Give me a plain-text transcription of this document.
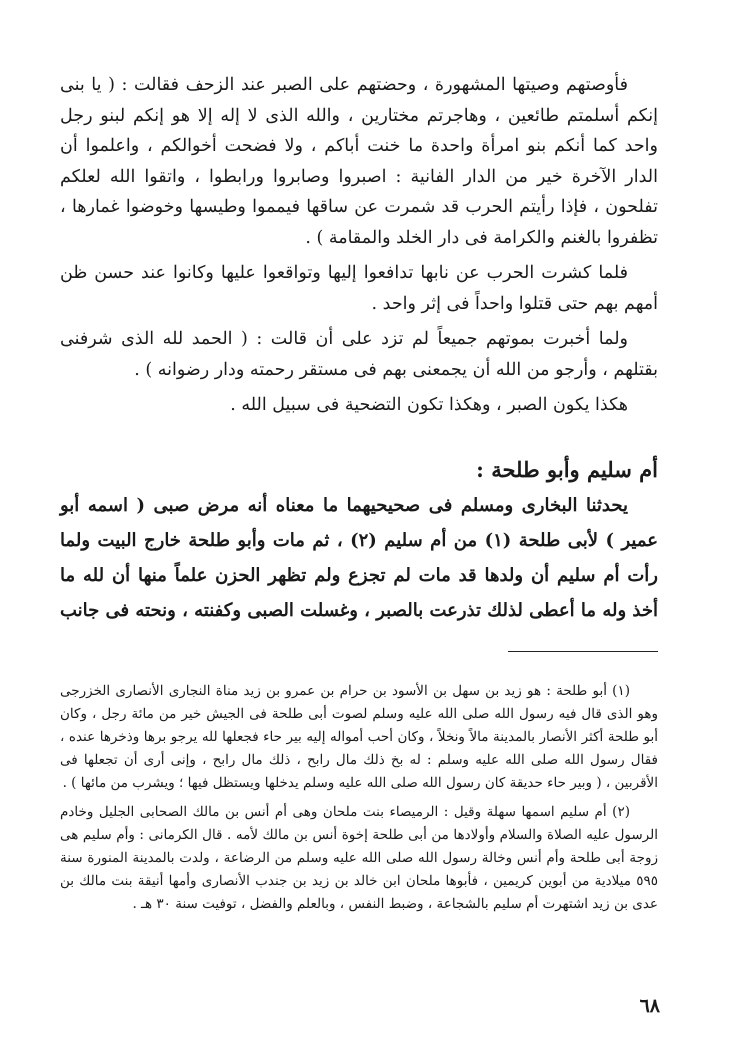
فأوصتهم وصيتها المشهورة ، وحضتهم على الصبر عند الزحف فقالت : ( يا بنى إنكم أسلمتم طائعين ، وهاجرتم مختارين ، والله الذى لا إله إلا هو إنكم لبنو رجل واحد كما أنكم بنو امرأة واحدة ما خنت أباكم ، ولا فضحت أخوالكم ، واعلموا أن الدار الآخرة خير من الدار الفانية : اصبروا وصابروا ورابطوا ، واتقوا الله لعلكم تفلحون ، فإذا رأيتم الحرب قد شمرت عن ساقها فيمموا وطيسها وخوضوا غمارها ، تظفروا بالغنم والكرامة فى دار الخلد والمقامة ) .

فلما كشرت الحرب عن نابها تدافعوا إليها وتواقعوا عليها وكانوا عند حسن ظن أمهم بهم حتى قتلوا واحداً فى إثر واحد .

ولما أخبرت بموتهم جميعاً لم تزد على أن قالت : ( الحمد لله الذى شرفنى بقتلهم ، وأرجو من الله أن يجمعنى بهم فى مستقر رحمته ودار رضوانه ) .

هكذا يكون الصبر ، وهكذا تكون التضحية فى سبيل الله .

أم سليم وأبو طلحة :

يحدثنا البخارى ومسلم فى صحيحيهما ما معناه أنه مرض صبى ( اسمه أبو عمير ) لأبى طلحة (١) من أم سليم (٢) ، ثم مات وأبو طلحة خارج البيت ولما رأت أم سليم أن ولدها قد مات لم تجزع ولم تظهر الحزن علماً منها أن لله ما أخذ وله ما أعطى لذلك تذرعت بالصبر ، وغسلت الصبى وكفنته ، ونحته فى جانب

(١) أبو طلحة : هو زيد بن سهل بن الأسود بن حرام بن عمرو بن زيد مناة النجارى الأنصارى الخزرجى وهو الذى قال فيه رسول الله صلى الله عليه وسلم لصوت أبى طلحة فى الجيش خير من مائة رجل ، وكان أبو طلحة أكثر الأنصار بالمدينة مالاً ونخلاً ، وكان أحب أمواله إليه بير حاء فجعلها لله يرجو برها وذخرها عنده ، فقال رسول الله صلى الله عليه وسلم : له بخ ذلك مال رابح ، ذلك مال رابح ، وإنى أرى أن تجعلها فى الأقربين ، ( وبير حاء حديقة كان رسول الله صلى الله عليه وسلم يدخلها ويستظل فيها ؛ ويشرب من مائها ) .

(٢) أم سليم اسمها سهلة وقيل : الرميصاء بنت ملحان وهى أم أنس بن مالك الصحابى الجليل وخادم الرسول عليه الصلاة والسلام وأولادها من أبى طلحة إخوة أنس بن مالك لأمه . قال الكرمانى : وأم سليم هى زوجة أبى طلحة وأم أنس وخالة رسول الله صلى الله عليه وسلم من الرضاعة ، ولدت بالمدينة المنورة سنة ٥٩٥ ميلادية من أبوين كريمين ، فأبوها ملحان ابن خالد بن زيد بن جندب الأنصارى وأمها أنيقة بنت مالك بن عدى بن زيد اشتهرت أم سليم بالشجاعة ، وضبط النفس ، وبالعلم والفضل ، توفيت سنة ٣٠ هـ .

٦٨
